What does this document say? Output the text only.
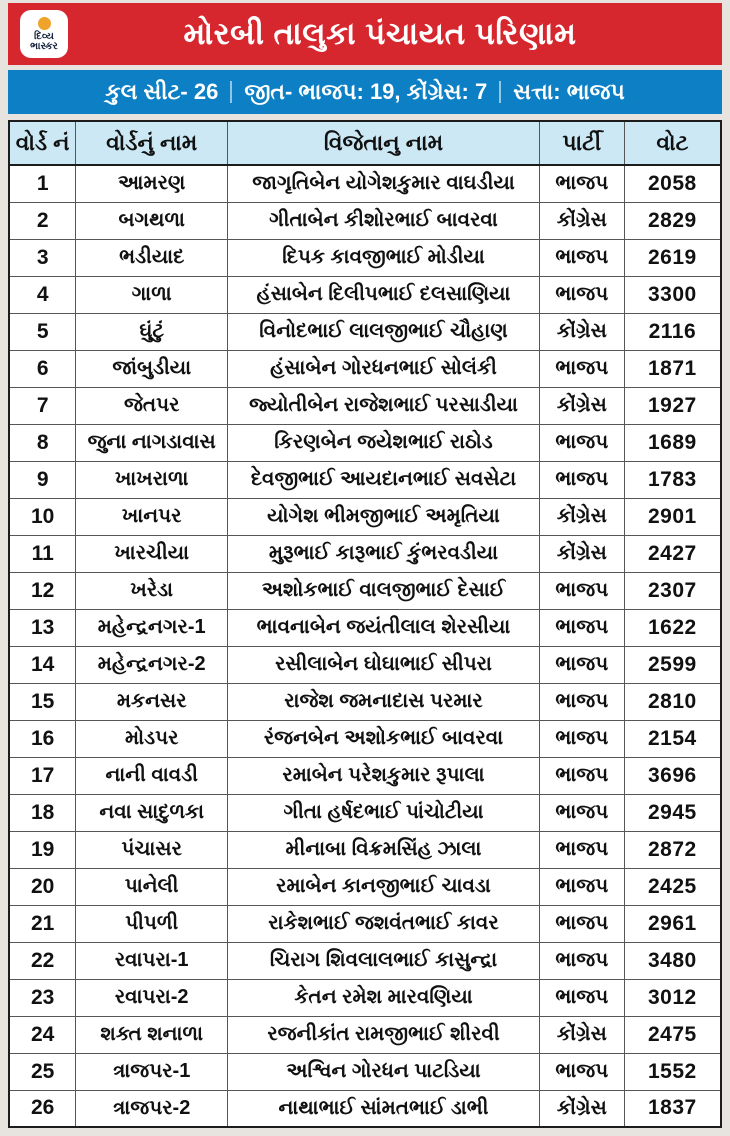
દિવ્ય
ભાસ્કર	મોરબી તાલુકા પંચાયત પરિણામ
કુલ સીટ- 26 જીત- ભાજપ: 19, કોંગ્રેસ: 7 સત્તા: ભાજપ
વોર્ડ નં	વોર્ડનું નામ	વિજેતાનુ નામ	પાર્ટી	વોટ
1	આમરણ	જાગૃતિબેન યોગેશકુમાર વાઘડીયા	ભાજપ	2058
2	બગથળા	ગીતાબેન કીશોરભાઈ બાવરવા	કોંગ્રેસ	2829
3	ભડીયાદ	દિપક કાવજીભાઈ મોડીયા	ભાજપ	2619
4	ગાળા	હંસાબેન દિલીપભાઈ દલસાણિયા	ભાજપ	3300
5	ઘુંટું	વિનોદભાઈ લાલજીભાઈ ચૌહાણ	કોંગ્રેસ	2116
6	જાંબુડીયા	હંસાબેન ગોરધનભાઈ સોલંકી	ભાજપ	1871
7	જેતપર	જ્યોતીબેન રાજેશભાઈ પરસાડીયા	કોંગ્રેસ	1927
8	જુના નાગડાવાસ	કિરણબેન જયેશભાઈ રાઠોડ	ભાજપ	1689
9	ખાખરાળા	દેવજીભાઈ આયદાનભાઈ સવસેટા	ભાજપ	1783
10	ખાનપર	યોગેશ ભીમજીભાઈ અમૃતિયા	કોંગ્રેસ	2901
11	ખારચીયા	મુરૂભાઈ કારૂભાઈ કુંભરવડીયા	કોંગ્રેસ	2427
12	ખરેડા	અશોકભાઈ વાલજીભાઈ દેસાઈ	ભાજપ	2307
13	મહેન્દ્રનગર-1	ભાવનાબેન જયંતીલાલ શેરસીયા	ભાજપ	1622
14	મહેન્દ્રનગર-2	રસીલાબેન ઘોઘાભાઈ સીપરા	ભાજપ	2599
15	મકનસર	રાજેશ જમનાદાસ પરમાર	ભાજપ	2810
16	મોડપર	રંજનબેન અશોકભાઈ બાવરવા	ભાજપ	2154
17	નાની વાવડી	રમાબેન પરેશકુમાર રૂપાલા	ભાજપ	3696
18	નવા સાદુળકા	ગીતા હર્ષદભાઈ પાંચોટીયા	ભાજપ	2945
19	પંચાસર	મીનાબા વિક્રમસિંહ ઝાલા	ભાજપ	2872
20	પાનેલી	રમાબેન કાનજીભાઈ ચાવડા	ભાજપ	2425
21	પીપળી	રાકેશભાઈ જશવંતભાઈ કાવર	ભાજપ	2961
22	રવાપરા-1	ચિરાગ શિવલાલભાઈ કાસુન્દ્રા	ભાજપ	3480
23	રવાપરા-2	કેતન રમેશ મારવણિયા	ભાજપ	3012
24	શક્ત શનાળા	રજનીકાંત રામજીભાઈ શીરવી	કોંગ્રેસ	2475
25	ત્રાજપર-1	અશ્વિન ગોરધન પાટડિયા	ભાજપ	1552
26	ત્રાજપર-2	નાથાભાઈ સાંમતભાઈ ડાભી	કોંગ્રેસ	1837
